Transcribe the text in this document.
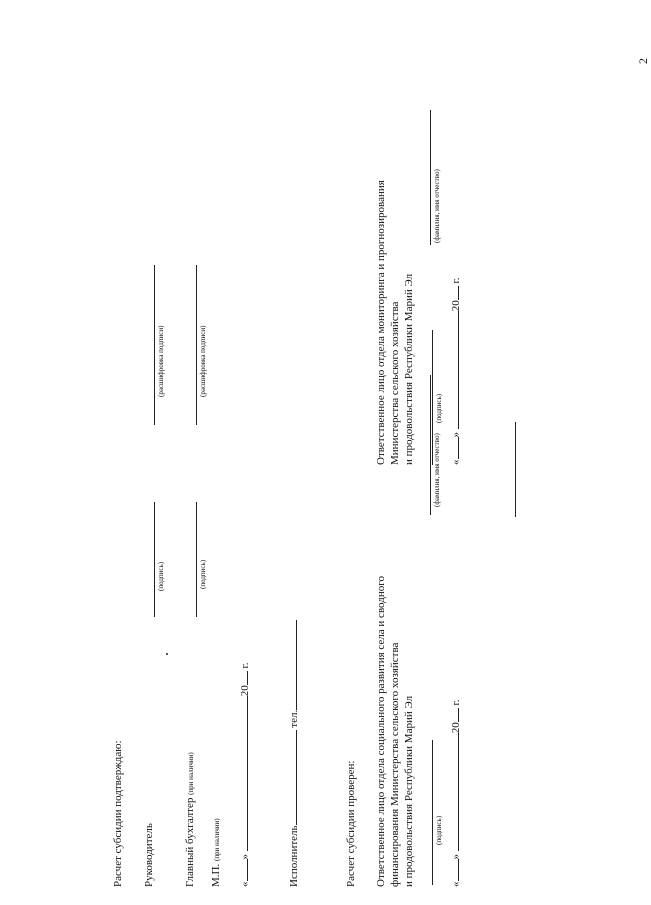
2
Расчет субсидии подтверждаю: Руководитель
(подпись)
(расшифровка подписи)
Главный бухгалтер (при наличии)
(подпись)
(расшифровка подписи)
М.П. (при наличии)
«» 20 г.
Исполнитель тел.
Расчет субсидии проверен: Ответственное лицо отдела социального развития села и сводного финансирования Министерства сельского хозяйства и продовольствия Республики Марий Эл	(подпись)
(фамилия, имя отчество)
«» 20 г.
Ответственное лицо отдела мониторинга и прогнозирования Министерства сельского хозяйства и продовольствия Республики Марий Эл	(подпись)
(фамилия, имя отчество)
«» 20 г.
